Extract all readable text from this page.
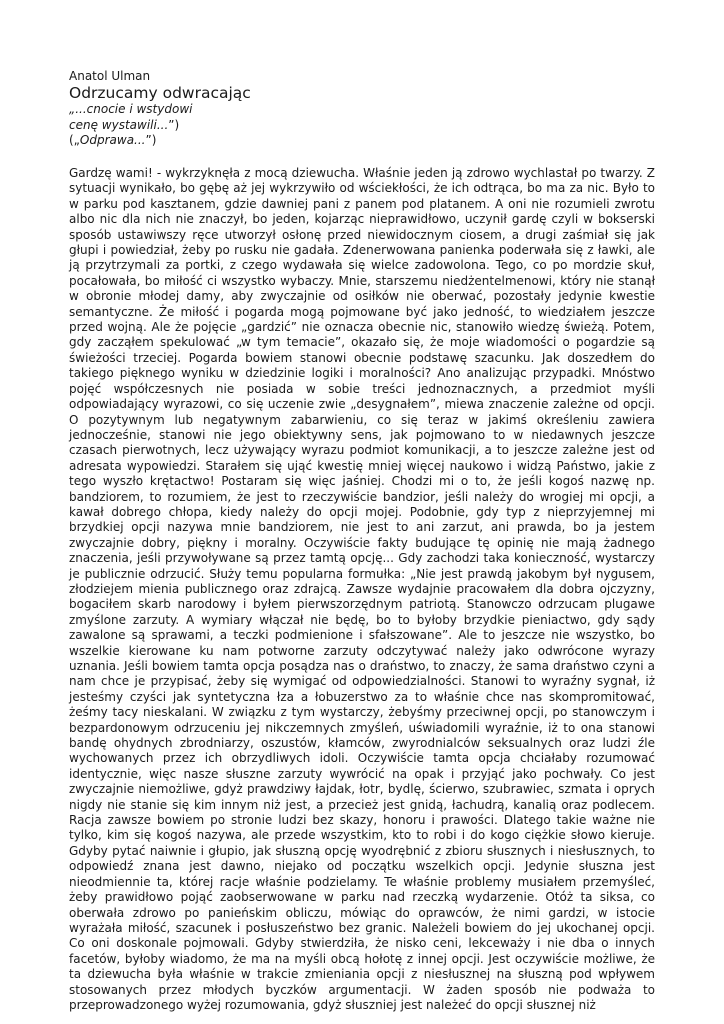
Anatol Ulman

Odrzucamy odwracając

„...cnocie i wstydowi

cenę wystawili...”)

(„Odprawa...”)

Gardzę wami! - wykrzyknęła z mocą dziewucha. Właśnie jeden ją zdrowo wychlastał po twarzy. Z sytuacji wynikało, bo gębę aż jej wykrzywiło od wściekłości, że ich odtrąca, bo ma za nic. Było to w parku pod kasztanem, gdzie dawniej pani z panem pod platanem. A oni nie rozumieli zwrotu albo nic dla nich nie znaczył, bo jeden, kojarząc nieprawidłowo, uczynił gardę czyli w bokserski sposób ustawiwszy ręce utworzył osłonę przed niewidocznym ciosem, a drugi zaśmiał się jak głupi i powiedział, żeby po rusku nie gadała. Zdenerwowana panienka poderwała się z ławki, ale ją przytrzymali za portki, z czego wydawała się wielce zadowolona. Tego, co po mordzie skuł, pocałowała, bo miłość ci wszystko wybaczy. Mnie, starszemu niedżentelmenowi, który nie stanął w obronie młodej damy, aby zwyczajnie od osiłków nie oberwać, pozostały jedynie kwestie semantyczne. Że miłość i pogarda mogą pojmowane być jako jedność, to wiedziałem jeszcze przed wojną. Ale że pojęcie „gardzić” nie oznacza obecnie nic, stanowiło wiedzę świeżą. Potem, gdy zacząłem spekulować „w tym temacie”, okazało się, że moje wiadomości o pogardzie są świeżości trzeciej. Pogarda bowiem stanowi obecnie podstawę szacunku. Jak doszedłem do takiego pięknego wyniku w dziedzinie logiki i moralności? Ano analizując przypadki. Mnóstwo pojęć współczesnych nie posiada w sobie treści jednoznacznych, a przedmiot myśli odpowiadający wyrazowi, co się uczenie zwie „desygnałem”, miewa znaczenie zależne od opcji. O pozytywnym lub negatywnym zabarwieniu, co się teraz w jakimś określeniu zawiera jednocześnie, stanowi nie jego obiektywny sens, jak pojmowano to w niedawnych jeszcze czasach pierwotnych, lecz używający wyrazu podmiot komunikacji, a to jeszcze zależne jest od adresata wypowiedzi. Starałem się ująć kwestię mniej więcej naukowo i widzą Państwo, jakie z tego wyszło krętactwo! Postaram się więc jaśniej. Chodzi mi o to, że jeśli kogoś nazwę np. bandziorem, to rozumiem, że jest to rzeczywiście bandzior, jeśli należy do wrogiej mi opcji, a kawał dobrego chłopa, kiedy należy do opcji mojej. Podobnie, gdy typ z nieprzyjemnej mi brzydkiej opcji nazywa mnie bandziorem, nie jest to ani zarzut, ani prawda, bo ja jestem zwyczajnie dobry, piękny i moralny. Oczywiście fakty budujące tę opinię nie mają żadnego znaczenia, jeśli przywoływane są przez tamtą opcję... Gdy zachodzi taka konieczność, wystarczy je publicznie odrzucić. Służy temu popularna formułka: „Nie jest prawdą jakobym był nygusem, złodziejem mienia publicznego oraz zdrajcą. Zawsze wydajnie pracowałem dla dobra ojczyzny, bogaciłem skarb narodowy i byłem pierwszorzędnym patriotą. Stanowczo odrzucam plugawe zmyślone zarzuty. A wymiary włączał nie będę, bo to byłoby brzydkie pieniactwo, gdy sądy zawalone są sprawami, a teczki podmienione i sfałszowane”. Ale to jeszcze nie wszystko, bo wszelkie kierowane ku nam potworne zarzuty odczytywać należy jako odwrócone wyrazy uznania. Jeśli bowiem tamta opcja posądza nas o draństwo, to znaczy, że sama draństwo czyni a nam chce je przypisać, żeby się wymigać od odpowiedzialności. Stanowi to wyraźny sygnał, iż jesteśmy czyści jak syntetyczna łza a łobuzerstwo za to właśnie chce nas skompromitować, żeśmy tacy nieskalani. W związku z tym wystarczy, żebyśmy przeciwnej opcji, po stanowczym i bezpardonowym odrzuceniu jej nikczemnych zmyśleń, uświadomili wyraźnie, iż to ona stanowi bandę ohydnych zbrodniarzy, oszustów, kłamców, zwyrodnialców seksualnych oraz ludzi źle wychowanych przez ich obrzydliwych idoli. Oczywiście tamta opcja chciałaby rozumować identycznie, więc nasze słuszne zarzuty wywrócić na opak i przyjąć jako pochwały. Co jest zwyczajnie niemożliwe, gdyż prawdziwy łajdak, łotr, bydlę, ścierwo, szubrawiec, szmata i oprych nigdy nie stanie się kim innym niż jest, a przecież jest gnidą, łachudrą, kanalią oraz podlecem. Racja zawsze bowiem po stronie ludzi bez skazy, honoru i prawości. Dlatego takie ważne nie tylko, kim się kogoś nazywa, ale przede wszystkim, kto to robi i do kogo ciężkie słowo kieruje. Gdyby pytać naiwnie i głupio, jak słuszną opcję wyodrębnić z zbioru słusznych i niesłusznych, to odpowiedź znana jest dawno, niejako od początku wszelkich opcji. Jedynie słuszna jest nieodmiennie ta, której racje właśnie podzielamy. Te właśnie problemy musiałem przemyśleć, żeby prawidłowo pojąć zaobserwowane w parku nad rzeczką wydarzenie. Otóż ta siksa, co oberwała zdrowo po panieńskim obliczu, mówiąc do oprawców, że nimi gardzi, w istocie wyrażała miłość, szacunek i posłuszeństwo bez granic. Należeli bowiem do jej ukochanej opcji. Co oni doskonale pojmowali. Gdyby stwierdziła, że nisko ceni, lekceważy i nie dba o innych facetów, byłoby wiadomo, że ma na myśli obcą hołotę z innej opcji. Jest oczywiście możliwe, że ta dziewucha była właśnie w trakcie zmieniania opcji z niesłusznej na słuszną pod wpływem stosowanych przez młodych byczków argumentacji. W żaden sposób nie podważa to przeprowadzonego wyżej rozumowania, gdyż słuszniej jest należeć do opcji słusznej niż
